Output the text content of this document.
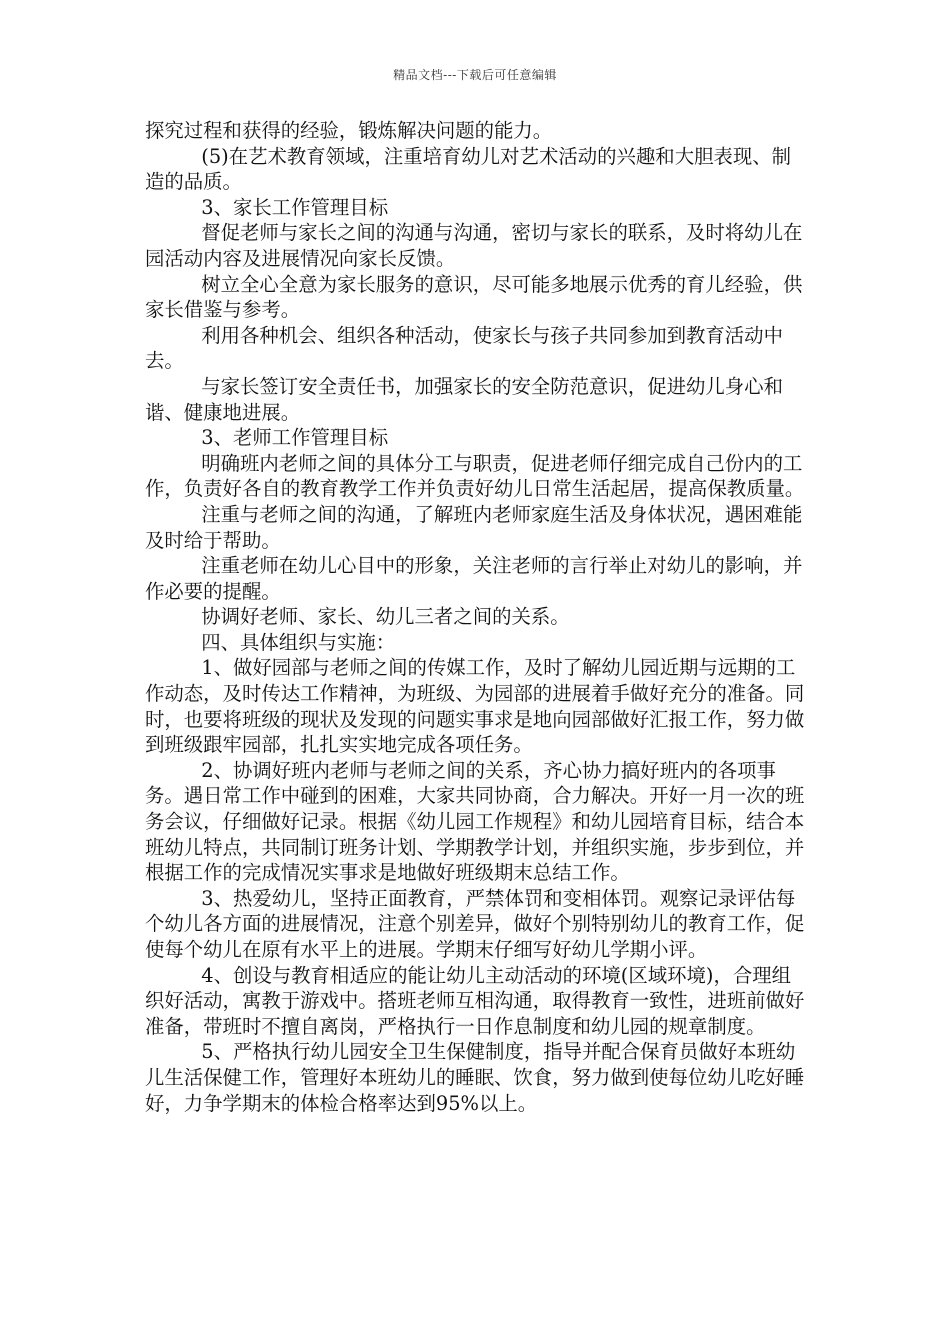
精品文档---下载后可任意编辑

探究过程和获得的经验，锻炼解决问题的能力。

(5)在艺术教育领域，注重培育幼儿对艺术活动的兴趣和大胆表现、制造的品质。

3、家长工作管理目标

督促老师与家长之间的沟通与沟通，密切与家长的联系，及时将幼儿在园活动内容及进展情况向家长反馈。

树立全心全意为家长服务的意识，尽可能多地展示优秀的育儿经验，供家长借鉴与参考。

利用各种机会、组织各种活动，使家长与孩子共同参加到教育活动中去。

与家长签订安全责任书，加强家长的安全防范意识，促进幼儿身心和谐、健康地进展。

3、老师工作管理目标

明确班内老师之间的具体分工与职责，促进老师仔细完成自己份内的工作，负责好各自的教育教学工作并负责好幼儿日常生活起居，提高保教质量。

注重与老师之间的沟通，了解班内老师家庭生活及身体状况，遇困难能及时给于帮助。

注重老师在幼儿心目中的形象，关注老师的言行举止对幼儿的影响，并作必要的提醒。

协调好老师、家长、幼儿三者之间的关系。

四、具体组织与实施：

1、做好园部与老师之间的传媒工作，及时了解幼儿园近期与远期的工作动态，及时传达工作精神，为班级、为园部的进展着手做好充分的准备。同时，也要将班级的现状及发现的问题实事求是地向园部做好汇报工作，努力做到班级跟牢园部，扎扎实实地完成各项任务。

2、协调好班内老师与老师之间的关系，齐心协力搞好班内的各项事务。遇日常工作中碰到的困难，大家共同协商，合力解决。开好一月一次的班务会议，仔细做好记录。根据《幼儿园工作规程》和幼儿园培育目标，结合本班幼儿特点，共同制订班务计划、学期教学计划，并组织实施，步步到位，并根据工作的完成情况实事求是地做好班级期末总结工作。

3、热爱幼儿，坚持正面教育，严禁体罚和变相体罚。观察记录评估每个幼儿各方面的进展情况，注意个别差异，做好个别特别幼儿的教育工作，促使每个幼儿在原有水平上的进展。学期末仔细写好幼儿学期小评。

4、创设与教育相适应的能让幼儿主动活动的环境(区域环境)，合理组织好活动，寓教于游戏中。搭班老师互相沟通，取得教育一致性，进班前做好准备，带班时不擅自离岗，严格执行一日作息制度和幼儿园的规章制度。

5、严格执行幼儿园安全卫生保健制度，指导并配合保育员做好本班幼儿生活保健工作，管理好本班幼儿的睡眠、饮食，努力做到使每位幼儿吃好睡好，力争学期末的体检合格率达到95%以上。
